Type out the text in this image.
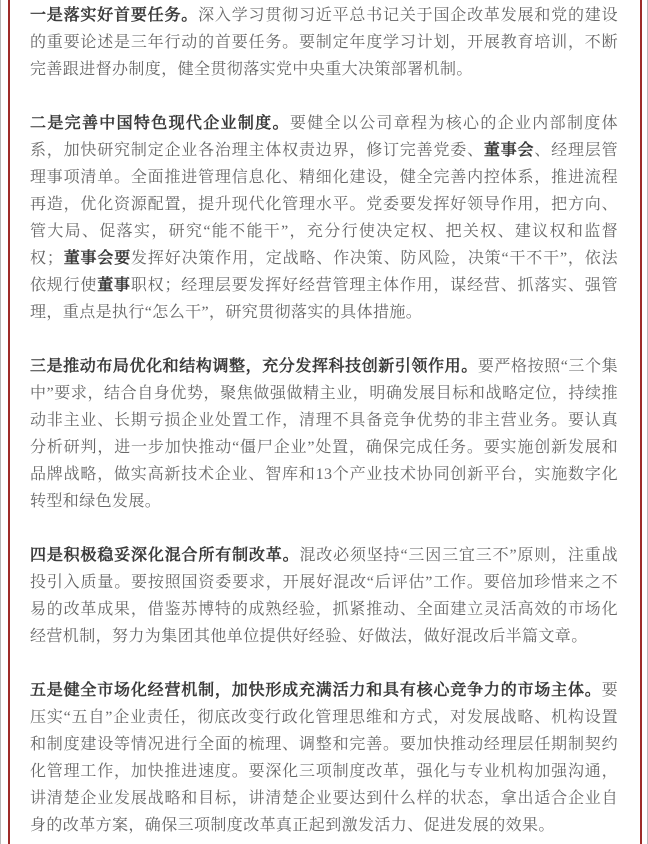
一是落实好首要任务。深入学习贯彻习近平总书记关于国企改革发展和党的建设的重要论述是三年行动的首要任务。要制定年度学习计划，开展教育培训，不断完善跟进督办制度，健全贯彻落实党中央重大决策部署机制。

二是完善中国特色现代企业制度。要健全以公司章程为核心的企业内部制度体系，加快研究制定企业各治理主体权责边界，修订完善党委、董事会、经理层管理事项清单。全面推进管理信息化、精细化建设，健全完善内控体系，推进流程再造，优化资源配置，提升现代化管理水平。党委要发挥好领导作用，把方向、管大局、促落实，研究“能不能干”，充分行使决定权、把关权、建议权和监督权；董事会要发挥好决策作用，定战略、作决策、防风险，决策“干不干”，依法依规行使董事职权；经理层要发挥好经营管理主体作用，谋经营、抓落实、强管理，重点是执行“怎么干”，研究贯彻落实的具体措施。

三是推动布局优化和结构调整，充分发挥科技创新引领作用。要严格按照“三个集中”要求，结合自身优势，聚焦做强做精主业，明确发展目标和战略定位，持续推动非主业、长期亏损企业处置工作，清理不具备竞争优势的非主营业务。要认真分析研判，进一步加快推动“僵尸企业”处置，确保完成任务。要实施创新发展和品牌战略，做实高新技术企业、智库和13个产业技术协同创新平台，实施数字化转型和绿色发展。

四是积极稳妥深化混合所有制改革。混改必须坚持“三因三宜三不”原则，注重战投引入质量。要按照国资委要求，开展好混改“后评估”工作。要倍加珍惜来之不易的改革成果，借鉴苏博特的成熟经验，抓紧推动、全面建立灵活高效的市场化经营机制，努力为集团其他单位提供好经验、好做法，做好混改后半篇文章。

五是健全市场化经营机制，加快形成充满活力和具有核心竞争力的市场主体。要压实“五自”企业责任，彻底改变行政化管理思维和方式，对发展战略、机构设置和制度建设等情况进行全面的梳理、调整和完善。要加快推动经理层任期制契约化管理工作，加快推进速度。要深化三项制度改革，强化与专业机构加强沟通，讲清楚企业发展战略和目标，讲清楚企业要达到什么样的状态，拿出适合企业自身的改革方案，确保三项制度改革真正起到激发活力、促进发展的效果。
